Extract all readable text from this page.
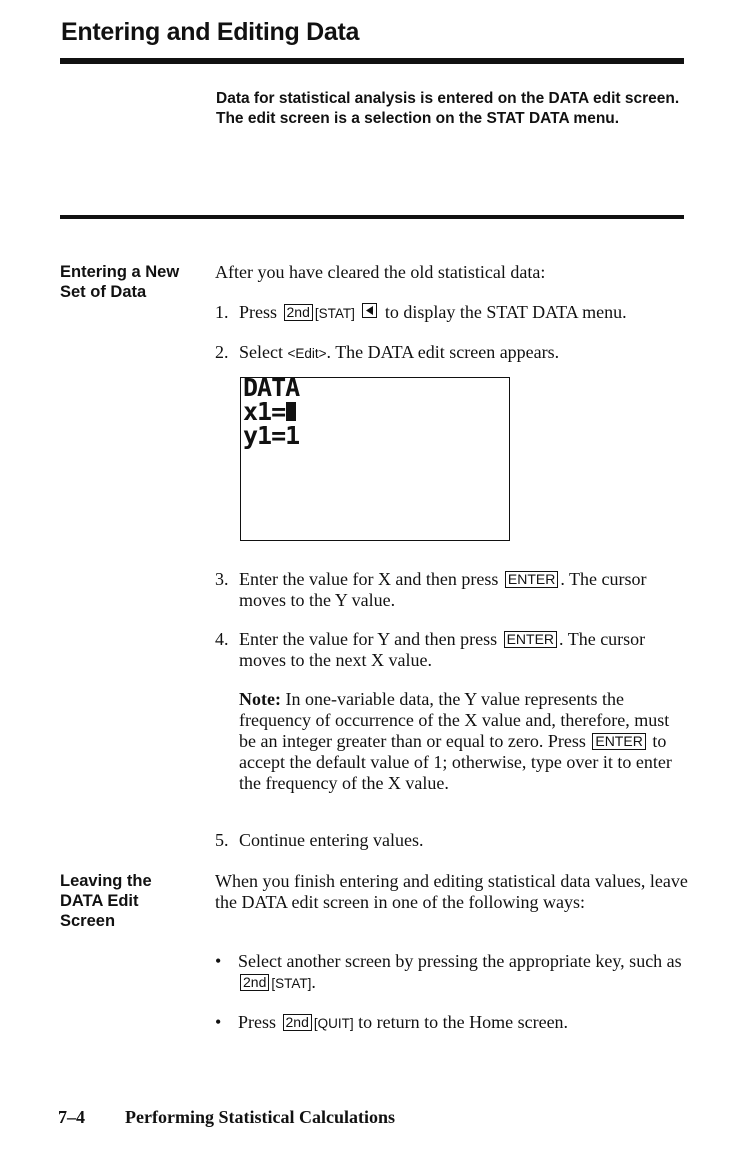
Entering and Editing Data
Data for statistical analysis is entered on the DATA edit screen. The edit screen is a selection on the STAT DATA menu.
Entering a New
Set of Data
After you have cleared the old statistical data:
1. Press 2nd [STAT] to display the STAT DATA menu.
2. Select <Edit>. The DATA edit screen appears.
DATA
x1=
y1=1
3. Enter the value for X and then press ENTER . The cursor moves to the Y value.
4. Enter the value for Y and then press ENTER . The cursor moves to the next X value.
Note: In one-variable data, the Y value represents the frequency of occurrence of the X value and, therefore, must be an integer greater than or equal to zero. Press ENTER to accept the default value of 1; otherwise, type over it to enter the frequency of the X value.
5. Continue entering values.
Leaving the
DATA Edit
Screen
When you finish entering and editing statistical data values, leave the DATA edit screen in one of the following ways:
• Select another screen by pressing the appropriate key, such as 2nd [STAT].
• Press 2nd [QUIT] to return to the Home screen.
7–4 Performing Statistical Calculations
